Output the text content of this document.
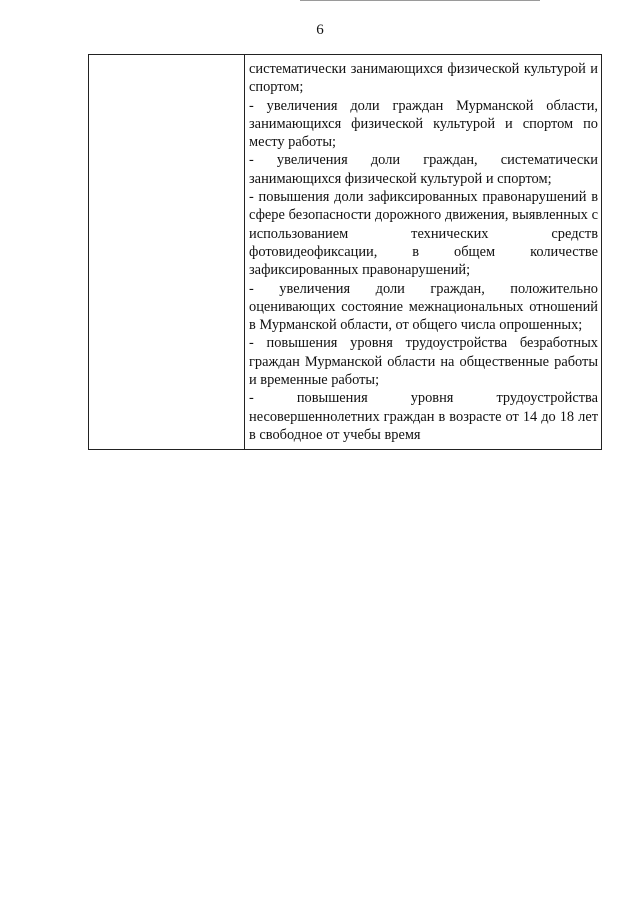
6

систематически занимающихся физической культурой и спортом;

- увеличения доли граждан Мурманской области, занимающихся физической культурой и спортом по месту работы;

- увеличения доли граждан, систематически занимающихся физической культурой и спортом;

- повышения доли зафиксированных правонарушений в сфере безопасности дорожного движения, выявленных с использованием технических средств фотовидеофиксации, в общем количестве зафиксированных правонарушений;

- увеличения доли граждан, положительно оценивающих состояние межнациональных отношений в Мурманской области, от общего числа опрошенных;

- повышения уровня трудоустройства безработных граждан Мурманской области на общественные работы и временные работы;

- повышения уровня трудоустройства несовершеннолетних граждан в возрасте от 14 до 18 лет в свободное от учебы время
